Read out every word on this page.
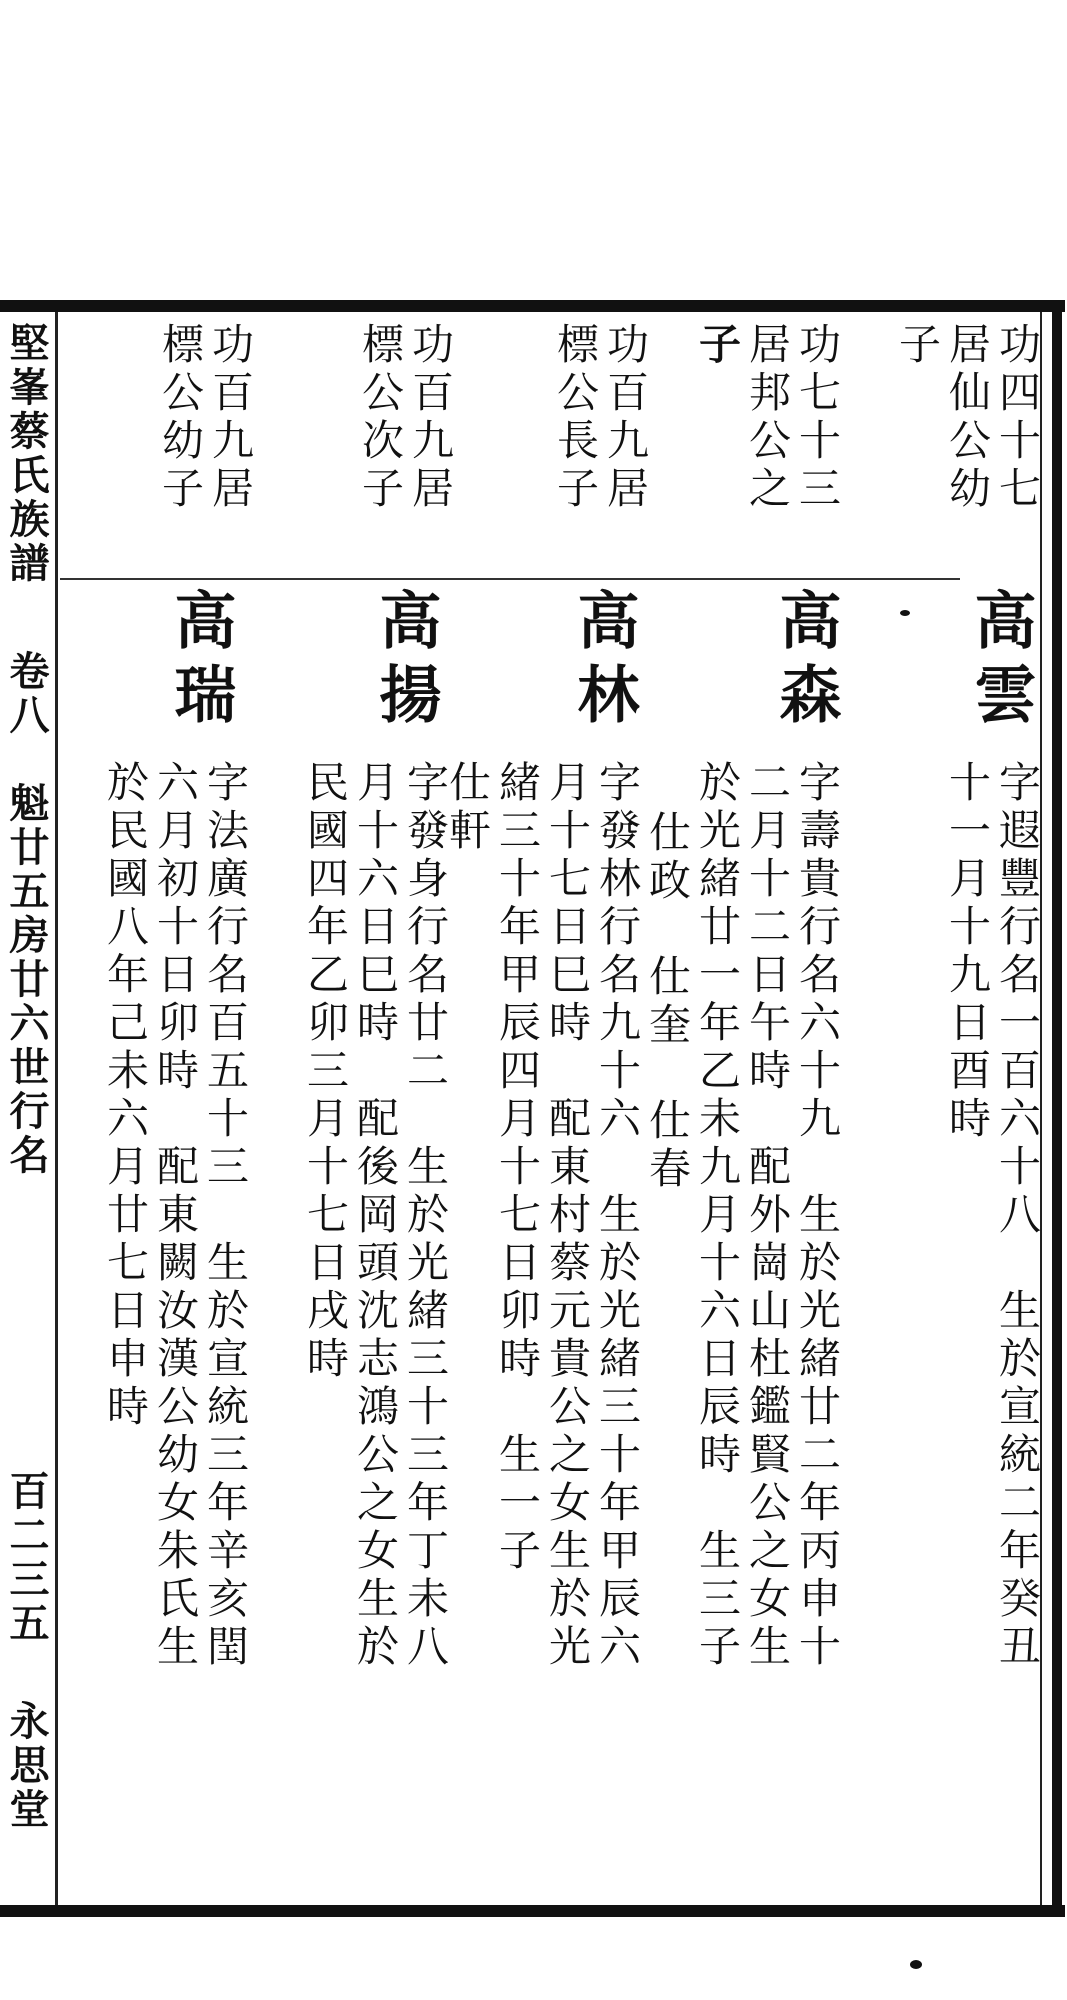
功四十七
居仙公幼
子
功七十三
居邦公之
子
功百九居
標公長子
功百九居
標公次子
功百九居
標公幼子
高雲
字遐豐行名一百六十八　生於宣統二年癸丑
十一月十九日酉時
高森
字壽貴行名六十九　生於光緒廿二年丙申十
二月十二日午時　配外崗山杜鑑賢公之女生
於光緒廿一年乙未九月十六日辰時　生三子
仕政　仕奎　仕春
高林
字發林行名九十六　生於光緒三十年甲辰六
月十七日巳時　配東村蔡元貴公之女生於光
緒三十年甲辰四月十七日卯時　生一子
仕軒
高揚
字發身行名廿二　生於光緒三十三年丁未八
月十六日巳時　配後岡頭沈志鴻公之女生於
民國四年乙卯三月十七日戌時
高瑞
字法廣行名百五十三　生於宣統三年辛亥閏
六月初十日卯時　配東闕汝漢公幼女朱氏生
於民國八年己未六月廿七日申時
堅峯蔡氏族譜
卷八　魁廿五房廿六世行名
百二三五
永思堂
